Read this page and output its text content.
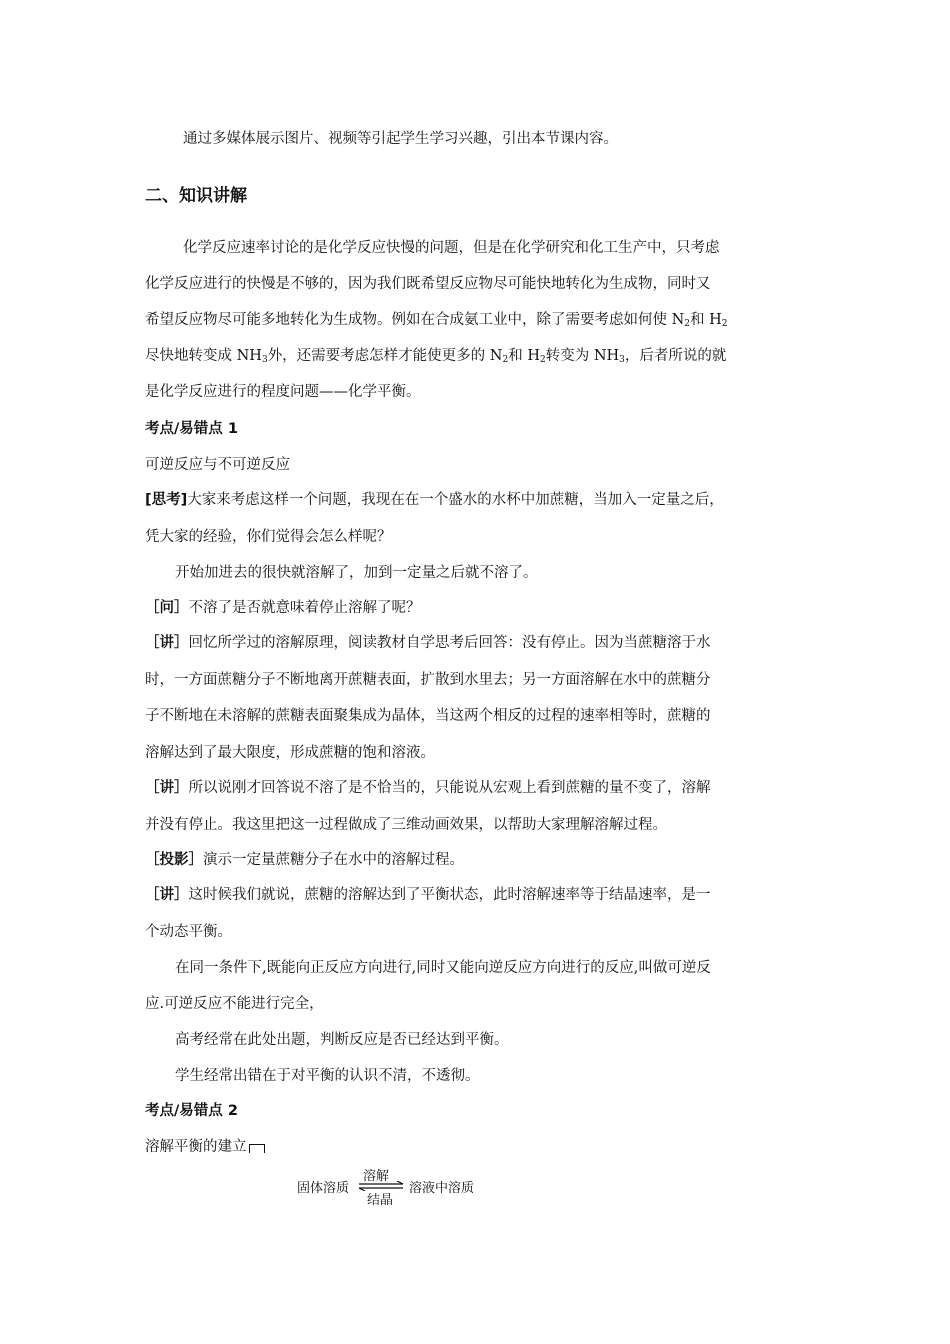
通过多媒体展示图片、视频等引起学生学习兴趣，引出本节课内容。
二、知识讲解
化学反应速率讨论的是化学反应快慢的问题，但是在化学研究和化工生产中，只考虑
化学反应进行的快慢是不够的，因为我们既希望反应物尽可能快地转化为生成物，同时又
希望反应物尽可能多地转化为生成物。例如在合成氨工业中，除了需要考虑如何使 $N_2$和 $H_2$
尽快地转变成 $NH_3$外，还需要考虑怎样才能使更多的 $N_2$和 $H_2$转变为 $NH_3$，后者所说的就
是化学反应进行的程度问题——化学平衡。
考点/易错点 1
可逆反应与不可逆反应
[思考]大家来考虑这样一个问题，我现在在一个盛水的水杯中加蔗糖，当加入一定量之后，
凭大家的经验，你们觉得会怎么样呢？
开始加进去的很快就溶解了，加到一定量之后就不溶了。
［问］不溶了是否就意味着停止溶解了呢？
［讲］回忆所学过的溶解原理，阅读教材自学思考后回答：没有停止。因为当蔗糖溶于水
时，一方面蔗糖分子不断地离开蔗糖表面，扩散到水里去；另一方面溶解在水中的蔗糖分
子不断地在未溶解的蔗糖表面聚集成为晶体，当这两个相反的过程的速率相等时，蔗糖的
溶解达到了最大限度，形成蔗糖的饱和溶液。
［讲］所以说刚才回答说不溶了是不恰当的，只能说从宏观上看到蔗糖的量不变了，溶解
并没有停止。我这里把这一过程做成了三维动画效果，以帮助大家理解溶解过程。
［投影］演示一定量蔗糖分子在水中的溶解过程。
［讲］这时候我们就说，蔗糖的溶解达到了平衡状态，此时溶解速率等于结晶速率，是一
个动态平衡。
在同一条件下,既能向正反应方向进行,同时又能向逆反应方向进行的反应,叫做可逆反
应.可逆反应不能进行完全，
高考经常在此处出题，判断反应是否已经达到平衡。
学生经常出错在于对平衡的认识不清，不透彻。
考点/易错点 2
溶解平衡的建立
固体溶质
溶解
结晶
溶液中溶质
